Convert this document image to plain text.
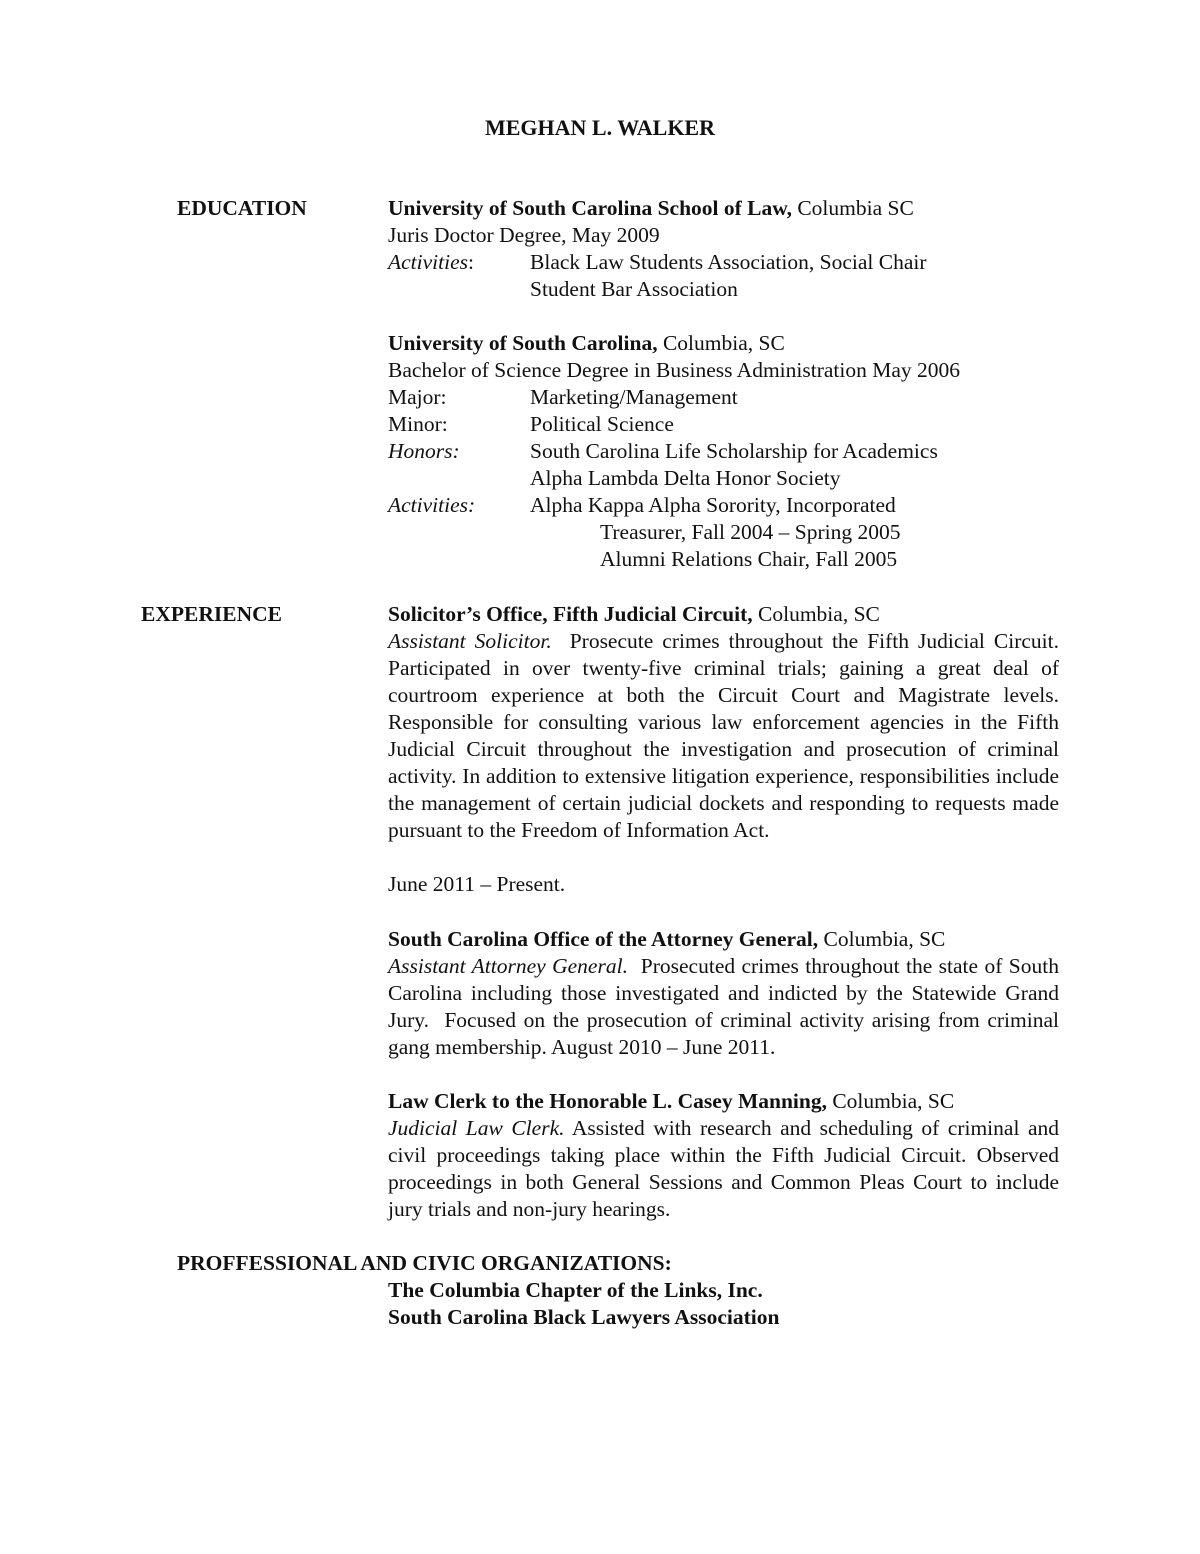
MEGHAN L. WALKER
EDUCATION	University of South Carolina School of Law, Columbia SC
Juris Doctor Degree, May 2009
Activities:	Black Law Students Association, Social Chair
Student Bar Association
University of South Carolina, Columbia, SC
Bachelor of Science Degree in Business Administration May 2006
Major:	Marketing/Management
Minor:	Political Science
Honors:	South Carolina Life Scholarship for Academics
Alpha Lambda Delta Honor Society
Activities:	Alpha Kappa Alpha Sorority, Incorporated
Treasurer, Fall 2004 – Spring 2005
Alumni Relations Chair, Fall 2005
EXPERIENCE	Solicitor’s Office, Fifth Judicial Circuit, Columbia, SC
Assistant Solicitor.  Prosecute crimes throughout the Fifth Judicial Circuit.  Participated in over twenty-five criminal trials; gaining a great deal of courtroom experience at both the Circuit Court and Magistrate levels. Responsible for consulting various law enforcement agencies in the Fifth Judicial Circuit throughout the investigation and prosecution of criminal activity. In addition to extensive litigation experience, responsibilities include the management of certain judicial dockets and responding to requests made pursuant to the Freedom of Information Act.
June 2011 – Present.
South Carolina Office of the Attorney General, Columbia, SC
Assistant Attorney General.  Prosecuted crimes throughout the state of South Carolina including those investigated and indicted by the Statewide Grand Jury.  Focused on the prosecution of criminal activity arising from criminal gang membership. August 2010 – June 2011.
Law Clerk to the Honorable L. Casey Manning, Columbia, SC
Judicial Law Clerk. Assisted with research and scheduling of criminal and civil proceedings taking place within the Fifth Judicial Circuit. Observed proceedings in both General Sessions and Common Pleas Court to include jury trials and non-jury hearings.
PROFFESSIONAL AND CIVIC ORGANIZATIONS:
The Columbia Chapter of the Links, Inc.
South Carolina Black Lawyers Association
